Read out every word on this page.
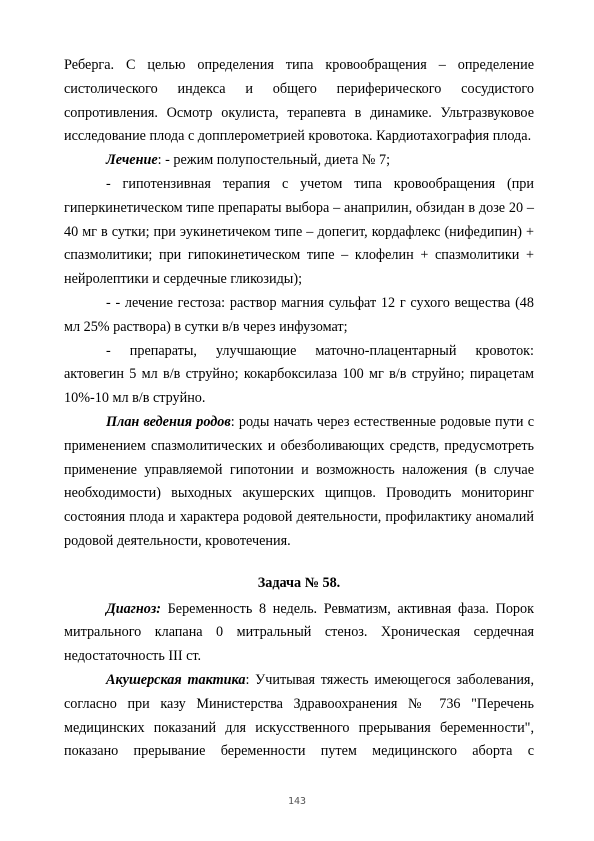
Реберга. С целью определения типа кровообращения – определение систолического индекса и общего периферического сосудистого сопротивления. Осмотр окулиста, терапевта в динамике. Ультразвуковое исследование плода с допплерометрией кровотока. Кардиотахография плода.

Лечение: - режим полупостельный, диета № 7;

- гипотензивная терапия с учетом типа кровообращения (при гиперкинетическом типе препараты выбора – анаприлин, обзидан в дозе 20 – 40 мг в сутки; при эукинетичеком типе – допегит, кордафлекс (нифедипин) + спазмолитики; при гипокинетическом типе – клофелин + спазмолитики + нейролептики и сердечные гликозиды);

- - лечение гестоза: раствор магния сульфат 12 г сухого вещества (48 мл 25% раствора) в сутки в/в через инфузомат;

- препараты, улучшающие маточно-плацентарный кровоток: актовегин 5 мл в/в струйно; кокарбоксилаза 100 мг в/в струйно; пирацетам 10%-10 мл в/в струйно.

План ведения родов: роды начать через естественные родовые пути с применением спазмолитических и обезболивающих средств, предусмотреть применение управляемой гипотонии и возможность наложения (в случае необходимости) выходных акушерских щипцов. Проводить мониторинг состояния плода и характера родовой деятельности, профилактику аномалий родовой деятельности, кровотечения.

Задача № 58.

Диагноз: Беременность 8 недель. Ревматизм, активная фаза. Порок митрального клапана 0 митральный стеноз. Хроническая сердечная недостаточность III ст.

Акушерская тактика: Учитывая тяжесть имеющегося заболевания, согласно при казу Министерства Здравоохранения № 736 "Перечень медицинских показаний для искусственного прерывания беременности", показано прерывание беременности путем медицинского аборта с

143
